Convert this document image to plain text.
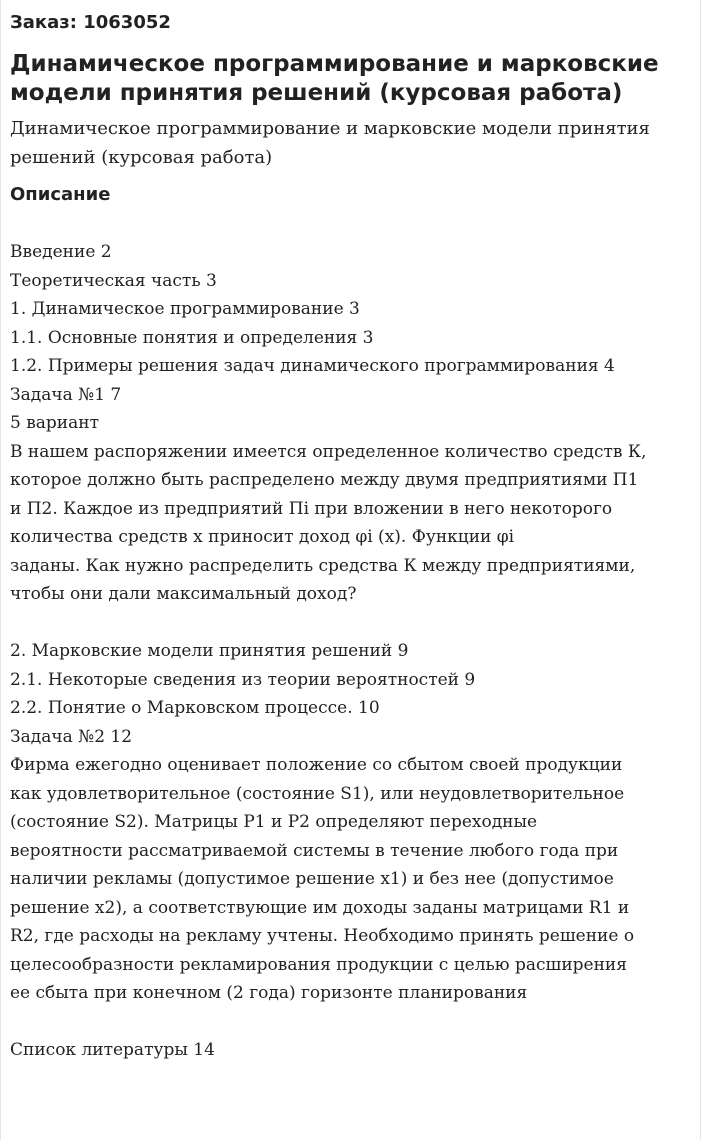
Заказ: 1063052
Динамическое программирование и марковские
модели принятия решений (курсовая работа)
Динамическое программирование и марковские модели принятия
решений (курсовая работа)
Описание
Введение 2
Теоретическая часть 3
1. Динамическое программирование 3
1.1. Основные понятия и определения 3
1.2. Примеры решения задач динамического программирования 4
Задача №1 7
5 вариант
В нашем распоряжении имеется определенное количество средств К,
которое должно быть распределено между двумя предприятиями П1
и П2. Каждое из предприятий Пi при вложении в него некоторого
количества средств х приносит доход φi (х). Функции φi
заданы. Как нужно распределить средства К между предприятиями,
чтобы они дали максимальный доход?
2. Марковские модели принятия решений 9
2.1. Некоторые сведения из теории вероятностей 9
2.2. Понятие о Марковском процессе. 10
Задача №2 12
Фирма ежегодно оценивает положение со сбытом своей продукции
как удовлетворительное (состояние S1), или неудовлетворительное
(состояние S2). Матрицы Р1 и Р2 определяют переходные
вероятности рассматриваемой системы в течение любого года при
наличии рекламы (допустимое решение х1) и без нее (допустимое
решение х2), а соответствующие им доходы заданы матрицами R1 и
R2, где расходы на рекламу учтены. Необходимо принять решение о
целесообразности рекламирования продукции с целью расширения
ее сбыта при конечном (2 года) горизонте планирования
Список литературы 14
